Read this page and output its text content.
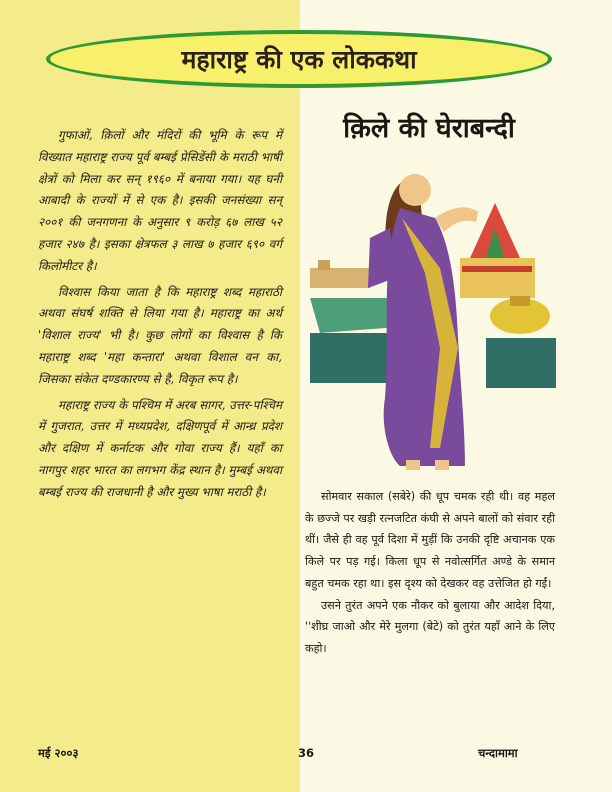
महाराष्ट्र की एक लोककथा
क़िले की घेराबन्दी

गुफाओं, क़िलों और मंदिरों की भूमि के रूप में विख्यात महाराष्ट्र राज्य पूर्व बम्बई प्रेसिडेंसी के मराठी भाषी क्षेत्रों को मिला कर सन् १९६० में बनाया गया। यह घनी आबादी के राज्यों में से एक है। इसकी जनसंख्या सन् २००१ की जनगणना के अनुसार ९ करोड़ ६७ लाख ५२ हजार २४७ है। इसका क्षेत्रफल ३ लाख ७ हजार ६९० वर्ग किलोमीटर है।

विश्वास किया जाता है कि महाराष्ट्र शब्द महाराठी अथवा संघर्ष शक्ति से लिया गया है। महाराष्ट्र का अर्थ 'विशाल राज्य' भी है। कुछ लोगों का विश्वास है कि महाराष्ट्र शब्द 'महा कन्तारा' अथवा विशाल वन का, जिसका संकेत दण्डकारण्य से है, विकृत रूप है।

महाराष्ट्र राज्य के पश्चिम में अरब सागर, उत्तर-पश्चिम में गुजरात, उत्तर में मध्यप्रदेश, दक्षिणपूर्व में आन्ध्र प्रदेश और दक्षिण में कर्नाटक और गोवा राज्य हैं। यहाँ का नागपुर शहर भारत का लगभग केंद्र स्थान है। मुम्बई अथवा बम्बई राज्य की राजधानी है और मुख्य भाषा मराठी है।	सोमवार सकाल (सबेरे) की धूप चमक रही थी। वह महल के छज्जे पर खड़ी रत्नजटित कंघी से अपने बालों को संवार रही थीं। जैसे ही वह पूर्व दिशा में मुड़ीं कि उनकी दृष्टि अचानक एक किले पर पड़ गई। किला धूप से नवोत्सर्गित अण्डे के समान बहुत चमक रहा था। इस दृश्य को देखकर वह उत्तेजित हो गईं।

उसने तुरंत अपने एक नौकर को बुलाया और आदेश दिया, ''शीघ्र जाओ और मेरे मुलगा (बेटे) को तुरंत यहाँ आने के लिए कहो।

मई २००३	36	चन्दामामा
